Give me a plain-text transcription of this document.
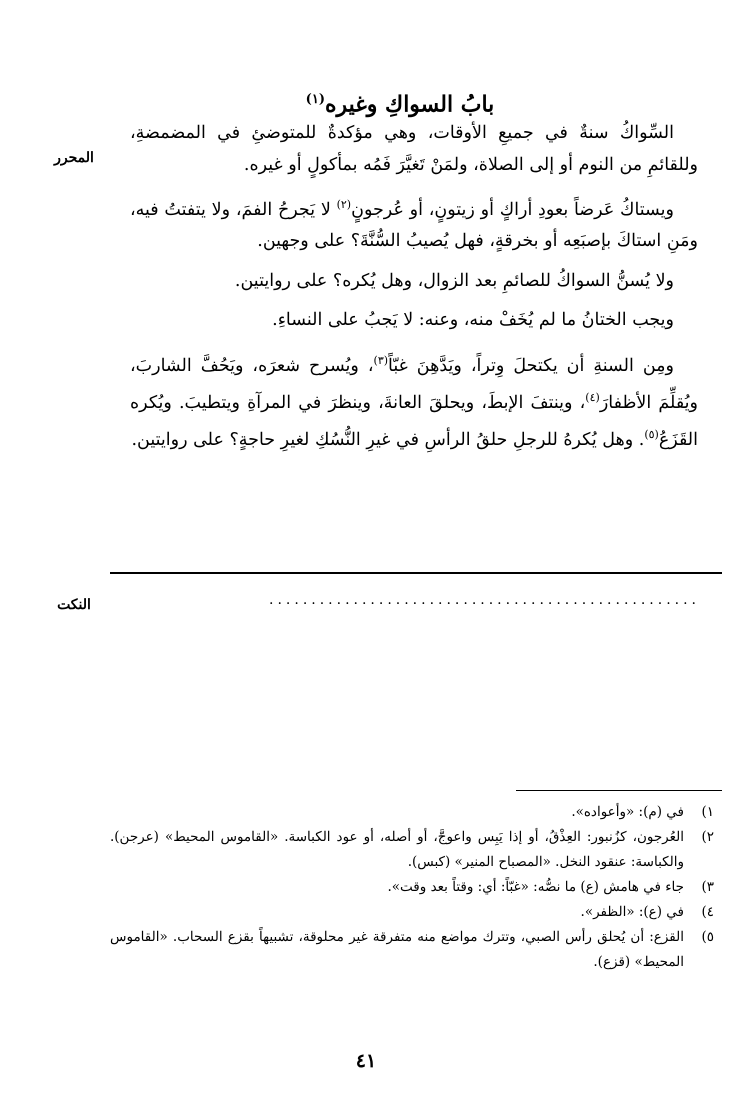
بابُ السواكِ وغيره$^{(١)}$
المحرر

السِّواكُ سنةٌ في جميعِ الأوقات، وهي مؤكدةٌ للمتوضئِ في المضمضةِ، وللقائمِ من النوم أو إلى الصلاة، ولمَنْ تَغيَّرَ فَمُه بمأكولٍ أو غيره.

ويستاكُ عَرضاً بعودِ أراكٍ أو زيتونٍ، أو عُرجونٍ$^{(٢)}$ لا يَجرحُ الفمَ، ولا يتفتتُ فيه، ومَنِ استاكَ بإصبَعِه أو بخرقةٍ، فهل يُصيبُ السُّنَّةَ؟ على وجهين.

ولا يُسنُّ السواكُ للصائمِ بعد الزوال، وهل يُكره؟ على روايتين.

ويجب الختانُ ما لم يُخَفْ منه، وعنه: لا يَجبُ على النساءِ.

ومِن السنةِ أن يكتحلَ وِتراً، ويَدَّهِنَ غبّاً$^{(٣)}$، ويُسرح شعرَه، ويَحُفَّ الشاربَ، ويُقلِّمَ الأظفارَ$^{(٤)}$، وينتفَ الإبطَ، ويحلقَ العانةَ، وينظرَ في المرآةِ ويتطيبَ. ويُكره القَزَعُ$^{(٥)}$. وهل يُكرهُ للرجلِ حلقُ الرأسِ في غيرِ النُّسُكِ لغيرِ حاجةٍ؟ على روايتين.

النكت	...................................................
١)
في (م): «وأعواده».
٢)
العُرجون، كزُنبور: العِذْقُ، أو إذا يَبِس واعوجَّ، أو أصله، أو عود الكباسة. «القاموس المحيط» (عرجن). والكباسة: عنقود النخل. «المصباح المنير» (كبس).
٣)
جاء في هامش (ع) ما نصُّه: «غبّاً: أي: وقتاً بعد وقت».
٤)
في (ع): «الظفر».
٥)
القزع: أن يُحلق رأس الصبي، وتترك مواضع منه متفرقة غير محلوقة، تشبيهاً بقزع السحاب. «القاموس المحيط» (قزع).
٤١
